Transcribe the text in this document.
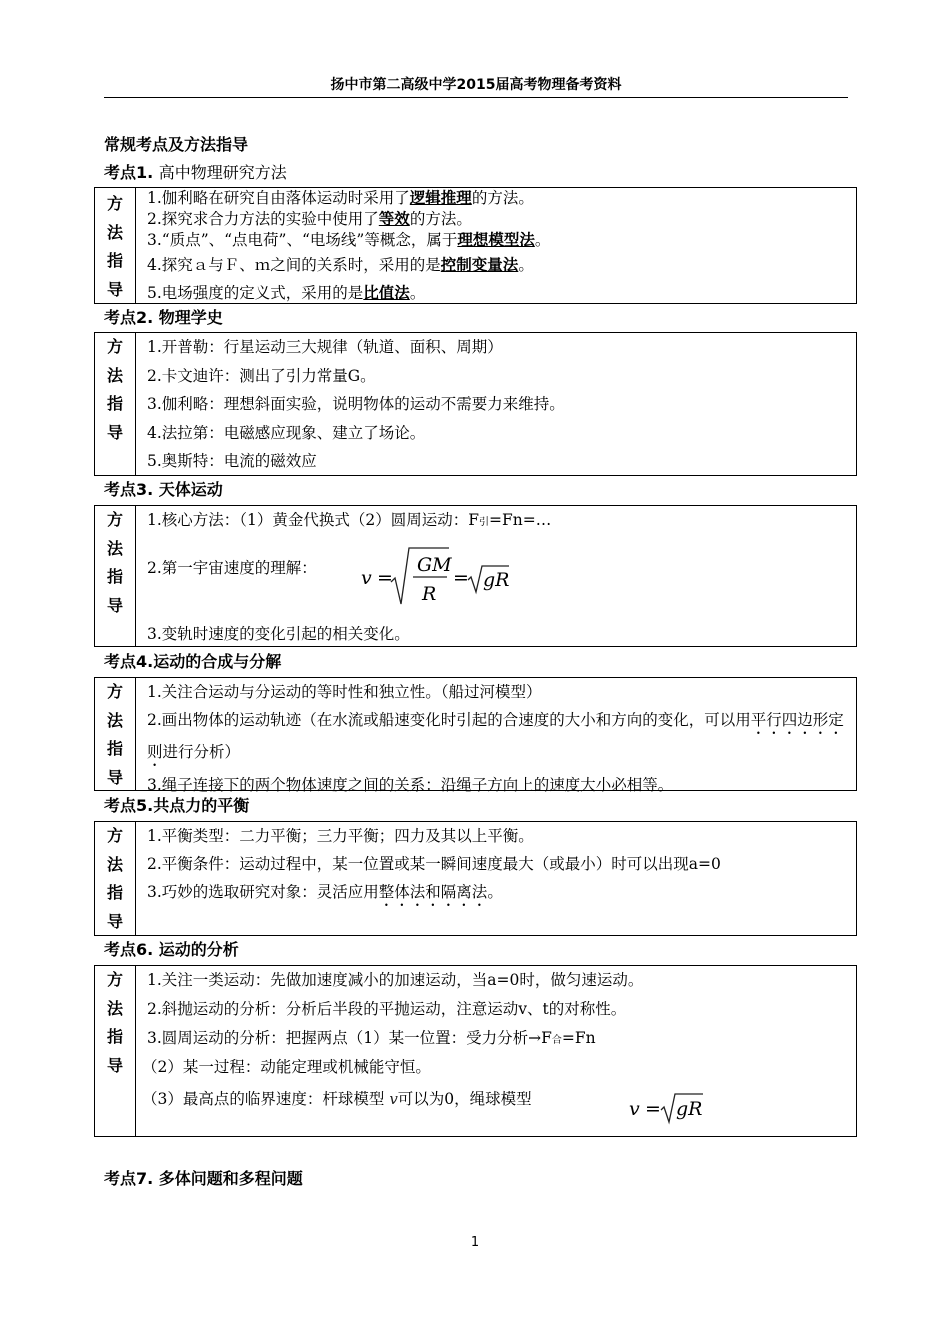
扬中市第二高级中学2015届高考物理备考资料
常规考点及方法指导
考点1. 高中物理研究方法
方
法
指
导
1.伽利略在研究自由落体运动时采用了逻辑推理的方法。
2.探究求合力方法的实验中使用了等效的方法。
3.“质点”、“点电荷”、“电场线”等概念，属于理想模型法。
4.探究ａ与Ｆ、ｍ之间的关系时，采用的是控制变量法。
5.电场强度的定义式，采用的是比值法。
考点2. 物理学史
方
法
指
导
1.开普勒：行星运动三大规律（轨道、面积、周期）
2.卡文迪许：测出了引力常量G。
3.伽利略：理想斜面实验，说明物体的运动不需要力来维持。
4.法拉第：电磁感应现象、建立了场论。
5.奥斯特：电流的磁效应
考点3. 天体运动
方
法
指
导
1.核心方法：（1）黄金代换式（2）圆周运动：F引=Fn=…
2.第一宇宙速度的理解：
3.变轨时速度的变化引起的相关变化。
v =
GM
R
= gR
考点4.运动的合成与分解
方
法
指
导
1.关注合运动与分运动的等时性和独立性。（船过河模型）
2.画出物体的运动轨迹（在水流或船速变化时引起的合速度的大小和方向的变化，可以用平行四边形定则进行分析）
3.绳子连接下的两个物体速度之间的关系：沿绳子方向上的速度大小必相等。
考点5.共点力的平衡
方
法
指
导
1.平衡类型：二力平衡；三力平衡；四力及其以上平衡。
2.平衡条件：运动过程中，某一位置或某一瞬间速度最大（或最小）时可以出现a=0
3.巧妙的选取研究对象：灵活应用整体法和隔离法。
考点6. 运动的分析
方
法
指
导
1.关注一类运动：先做加速度减小的加速运动，当a=0时，做匀速运动。
2.斜抛运动的分析：分析后半段的平抛运动，注意运动v、t的对称性。
3.圆周运动的分析：把握两点（1）某一位置：受力分析→F合=Fn
（2）某一过程：动能定理或机械能守恒。
（3）最高点的临界速度：杆球模型 v可以为0，绳球模型	v = gR
考点7. 多体问题和多程问题
1
